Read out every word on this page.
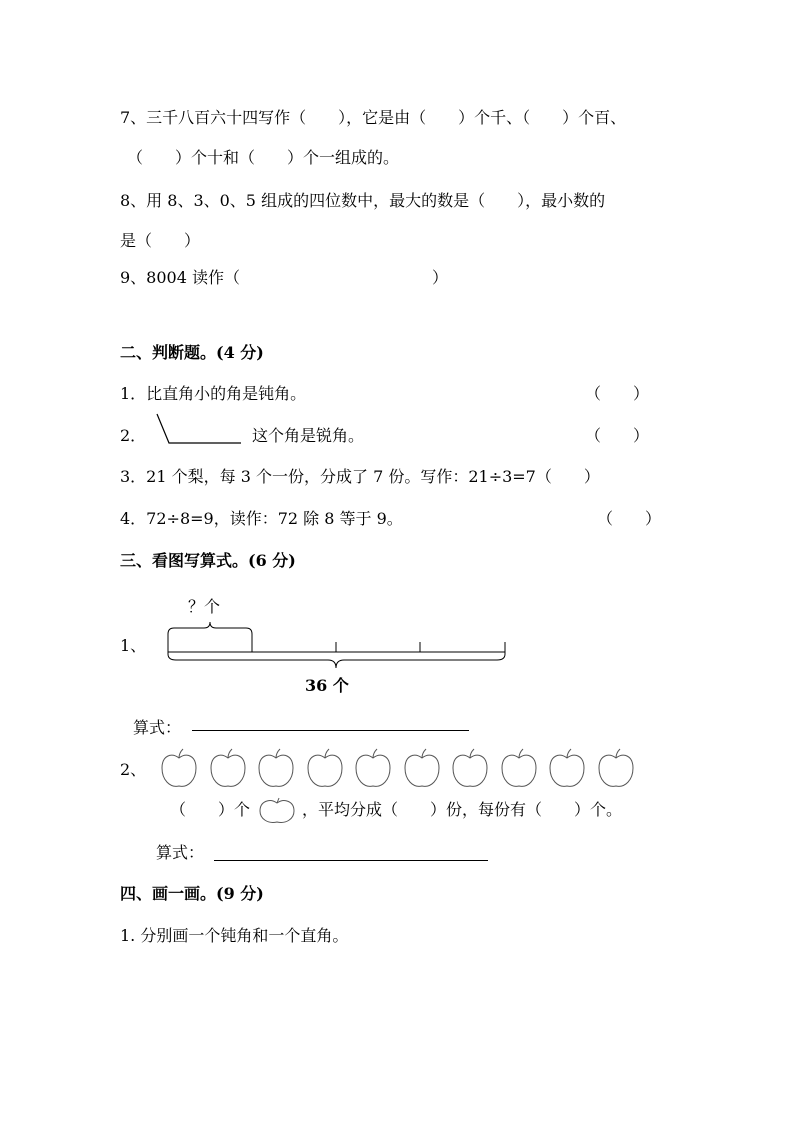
7、三千八百六十四写作（　　），它是由（　　）个千、（　　）个百、
（　　）个十和（　　）个一组成的。
8、用 8、3、0、5 组成的四位数中，最大的数是（　　），最小数的
是（　　）
9、8004 读作（	）
二、判断题。(4 分)
1．比直角小的角是钝角。	（　　）
2．	这个角是锐角。	（　　）
3．21 个梨，每 3 个一份，分成了 7 份。写作：21÷3=7（　　）
4．72÷8=9，读作：72 除 8 等于 9。	（　　）
三、看图写算式。(6 分)
？个
1、
36 个
算式：
2、
（　　）个	，平均分成（　　）份，每份有（　　）个。
算式：
四、画一画。(9 分)
1. 分别画一个钝角和一个直角。
